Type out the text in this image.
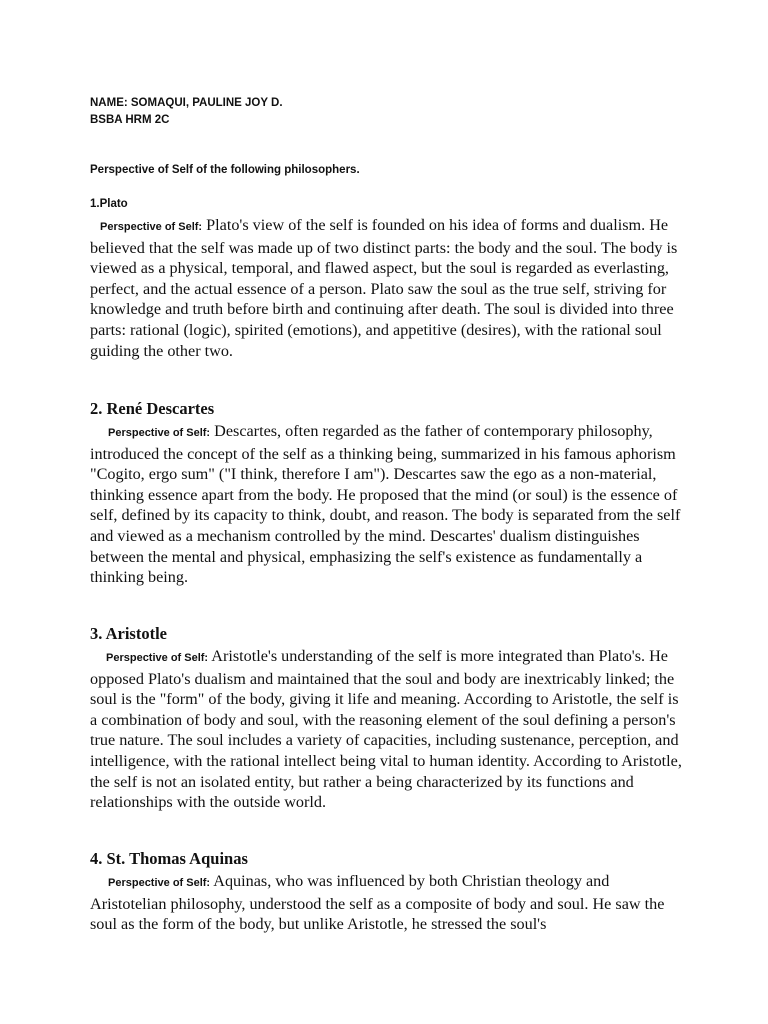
NAME: SOMAQUI, PAULINE JOY D.
BSBA HRM 2C
Perspective of Self of the following philosophers.
1.Plato

Perspective of Self: Plato's view of the self is founded on his idea of forms and dualism. He believed that the self was made up of two distinct parts: the body and the soul. The body is viewed as a physical, temporal, and flawed aspect, but the soul is regarded as everlasting, perfect, and the actual essence of a person. Plato saw the soul as the true self, striving for knowledge and truth before birth and continuing after death. The soul is divided into three parts: rational (logic), spirited (emotions), and appetitive (desires), with the rational soul guiding the other two.

2. René Descartes

Perspective of Self: Descartes, often regarded as the father of contemporary philosophy, introduced the concept of the self as a thinking being, summarized in his famous aphorism "Cogito, ergo sum" ("I think, therefore I am"). Descartes saw the ego as a non-material, thinking essence apart from the body. He proposed that the mind (or soul) is the essence of self, defined by its capacity to think, doubt, and reason. The body is separated from the self and viewed as a mechanism controlled by the mind. Descartes' dualism distinguishes between the mental and physical, emphasizing the self's existence as fundamentally a thinking being.

3. Aristotle

Perspective of Self: Aristotle's understanding of the self is more integrated than Plato's. He opposed Plato's dualism and maintained that the soul and body are inextricably linked; the soul is the "form" of the body, giving it life and meaning. According to Aristotle, the self is a combination of body and soul, with the reasoning element of the soul defining a person's true nature. The soul includes a variety of capacities, including sustenance, perception, and intelligence, with the rational intellect being vital to human identity. According to Aristotle, the self is not an isolated entity, but rather a being characterized by its functions and relationships with the outside world.

4. St. Thomas Aquinas

Perspective of Self: Aquinas, who was influenced by both Christian theology and Aristotelian philosophy, understood the self as a composite of body and soul. He saw the soul as the form of the body, but unlike Aristotle, he stressed the soul's
